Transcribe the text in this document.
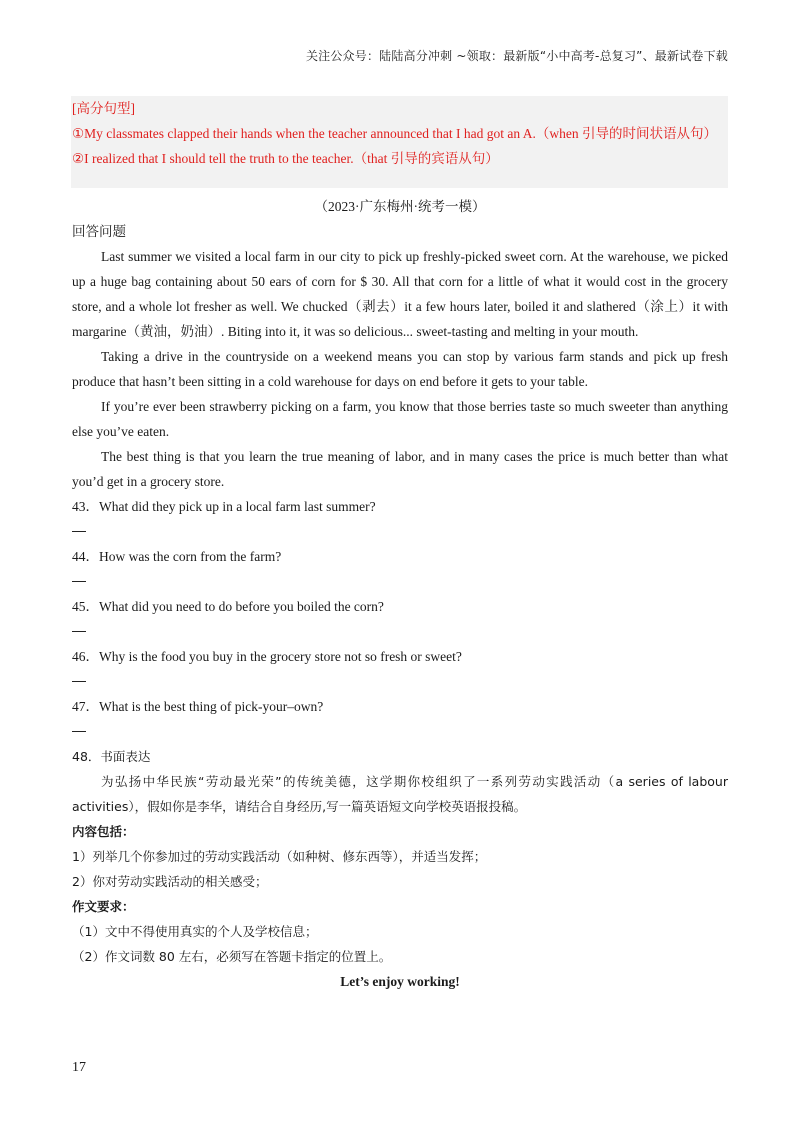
关注公众号：陆陆高分冲刺 ~领取：最新版“小中高考-总复习”、最新试卷下载

[高分句型]

①My classmates clapped their hands when the teacher announced that I had got an A.（when 引导的时间状语从句）

②I realized that I should tell the truth to the teacher.（that 引导的宾语从句）

（2023·广东梅州·统考一模）

回答问题

Last summer we visited a local farm in our city to pick up freshly-picked sweet corn. At the warehouse, we picked up a huge bag containing about 50 ears of corn for $ 30. All that corn for a little of what it would cost in the grocery store, and a whole lot fresher as well. We chucked（剥去）it a few hours later, boiled it and slathered（涂上）it with margarine（黄油，奶油）. Biting into it, it was so delicious... sweet-tasting and melting in your mouth.

Taking a drive in the countryside on a weekend means you can stop by various farm stands and pick up fresh produce that hasn’t been sitting in a cold warehouse for days on end before it gets to your table.

If you’re ever been strawberry picking on a farm, you know that those berries taste so much sweeter than anything else you’ve eaten.

The best thing is that you learn the true meaning of labor, and in many cases the price is much better than what you’d get in a grocery store.

43．What did they pick up in a local farm last summer?

44．How was the corn from the farm?

45．What did you need to do before you boiled the corn?

46．Why is the food you buy in the grocery store not so fresh or sweet?

47．What is the best thing of pick-your–own?

48．书面表达

为弘扬中华民族“劳动最光荣”的传统美德，这学期你校组织了一系列劳动实践活动（a series of labour activities），假如你是李华，请结合自身经历,写一篇英语短文向学校英语报投稿。

内容包括：

1）列举几个你参加过的劳动实践活动（如种树、修东西等），并适当发挥；

2）你对劳动实践活动的相关感受；

作文要求：

（1）文中不得使用真实的个人及学校信息；

（2）作文词数 80 左右，必须写在答题卡指定的位置上。

Let’s enjoy working!

17
